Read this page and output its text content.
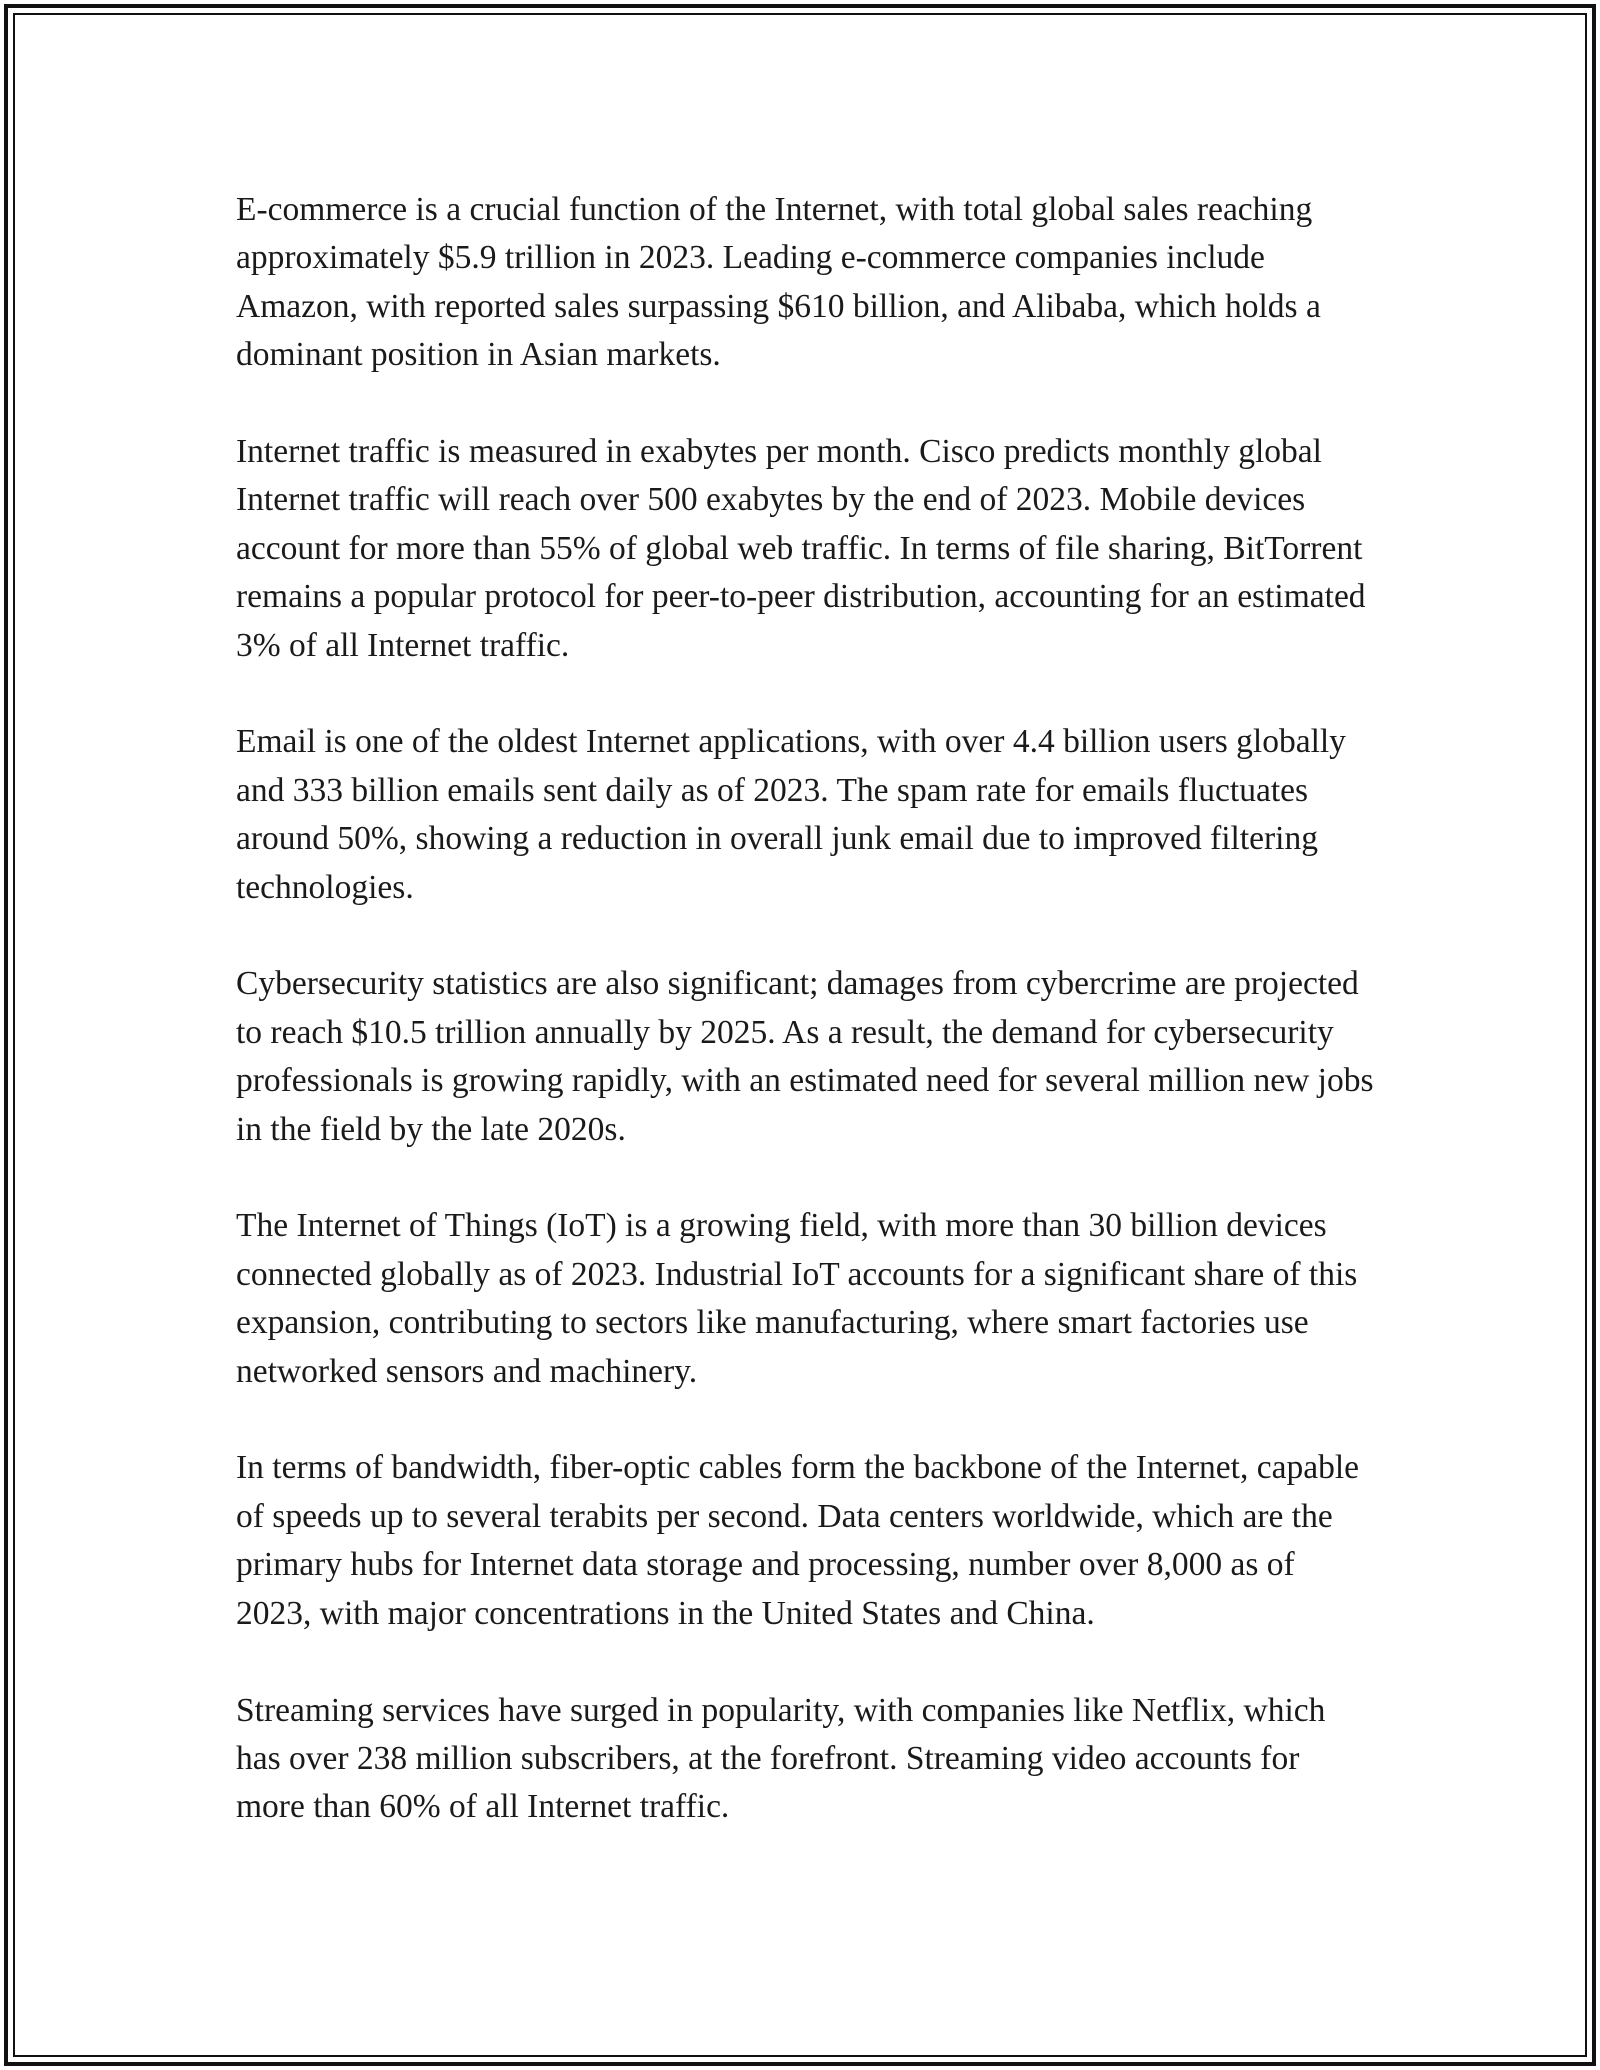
E-commerce is a crucial function of the Internet, with total global sales reaching approximately $5.9 trillion in 2023. Leading e-commerce companies include Amazon, with reported sales surpassing $610 billion, and Alibaba, which holds a dominant position in Asian markets.

Internet traffic is measured in exabytes per month. Cisco predicts monthly global Internet traffic will reach over 500 exabytes by the end of 2023. Mobile devices account for more than 55% of global web traffic. In terms of file sharing, BitTorrent remains a popular protocol for peer-to-peer distribution, accounting for an estimated 3% of all Internet traffic.

Email is one of the oldest Internet applications, with over 4.4 billion users globally and 333 billion emails sent daily as of 2023. The spam rate for emails fluctuates around 50%, showing a reduction in overall junk email due to improved filtering technologies.

Cybersecurity statistics are also significant; damages from cybercrime are projected to reach $10.5 trillion annually by 2025. As a result, the demand for cybersecurity professionals is growing rapidly, with an estimated need for several million new jobs in the field by the late 2020s.

The Internet of Things (IoT) is a growing field, with more than 30 billion devices connected globally as of 2023. Industrial IoT accounts for a significant share of this expansion, contributing to sectors like manufacturing, where smart factories use networked sensors and machinery.

In terms of bandwidth, fiber-optic cables form the backbone of the Internet, capable of speeds up to several terabits per second. Data centers worldwide, which are the primary hubs for Internet data storage and processing, number over 8,000 as of 2023, with major concentrations in the United States and China.

Streaming services have surged in popularity, with companies like Netflix, which has over 238 million subscribers, at the forefront. Streaming video accounts for more than 60% of all Internet traffic.
